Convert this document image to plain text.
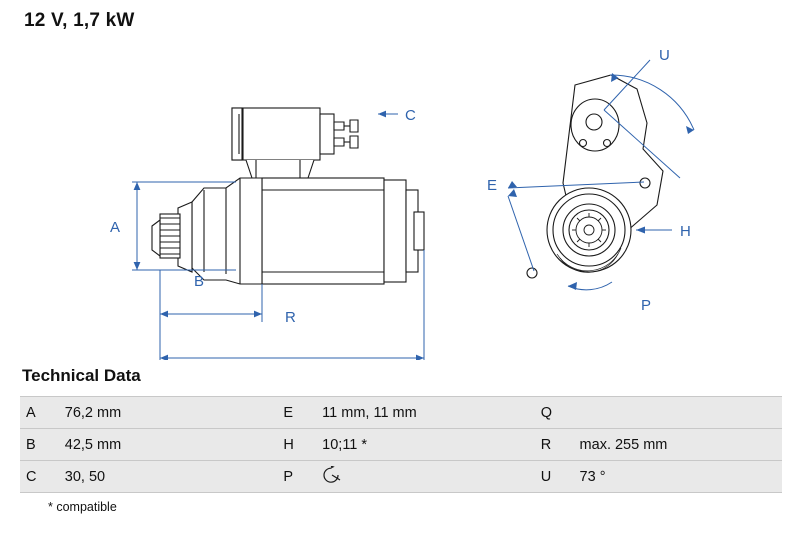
12 V, 1,7 kW
A
B
R
C
U
E
H
P
Technical Data
A	76,2 mm	E	11 mm, 11 mm	Q	
B	42,5 mm	H	10;11 *	R	max. 255 mm
C	30, 50	P		U	73 °
* compatible
